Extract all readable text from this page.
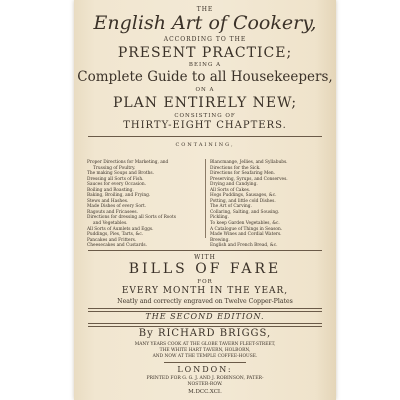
THE
English Art of Cookery,
ACCORDING TO THE
PRESENT PRACTICE;
BEING A
Complete Guide to all Housekeepers,
ON A
PLAN ENTIRELY NEW;
CONSISTING OF
THIRTY-EIGHT CHAPTERS.
CONTAINING,
Proper Directions for Marketing, and
Trussing of Poultry.
The making Soups and Broths.
Dressing all Sorts of Fish.
Sauces for every Occasion.
Boiling and Roasting.
Baking, Broiling, and Frying.
Stews and Hashes.
Made Dishes of every Sort.
Ragouts and Fricasees.
Directions for dressing all Sorts of Roots
and Vegetables.
All Sorts of Aumlets and Eggs.
Puddings, Pies, Tarts, &c.
Pancakes and Fritters.
Cheesecakes and Custards.
Blancmange, Jellies, and Syllabubs.
Directions for the Sick.
Directions for Seafaring Men.
Preserving, Syrups, and Conserves.
Drying and Candying.
All Sorts of Cakes.
Hogs Puddings, Sausages, &c.
Potting, and little cold Dishes.
The Art of Carving.
Collaring, Salting, and Sousing.
Pickling.
To keep Garden Vegetables, &c.
A Catalogue of Things in Season.
Made Wines and Cordial Waters.
Brewing.
English and French Bread, &c.
WITH
BILLS OF FARE
FOR
EVERY MONTH IN THE YEAR,
Neatly and correctly engraved on Twelve Copper-Plates
THE SECOND EDITION.
By RICHARD BRIGGS,
MANY YEARS COOK AT THE GLOBE TAVERN FLEET-STREET,
THE WHITE HART TAVERN, HOLBORN,
AND NOW AT THE TEMPLE COFFEE-HOUSE.
LONDON:
PRINTED FOR G. G. J. AND J. ROBINSON, PATER-
NOSTER-ROW.
M.DCC.XCI.
